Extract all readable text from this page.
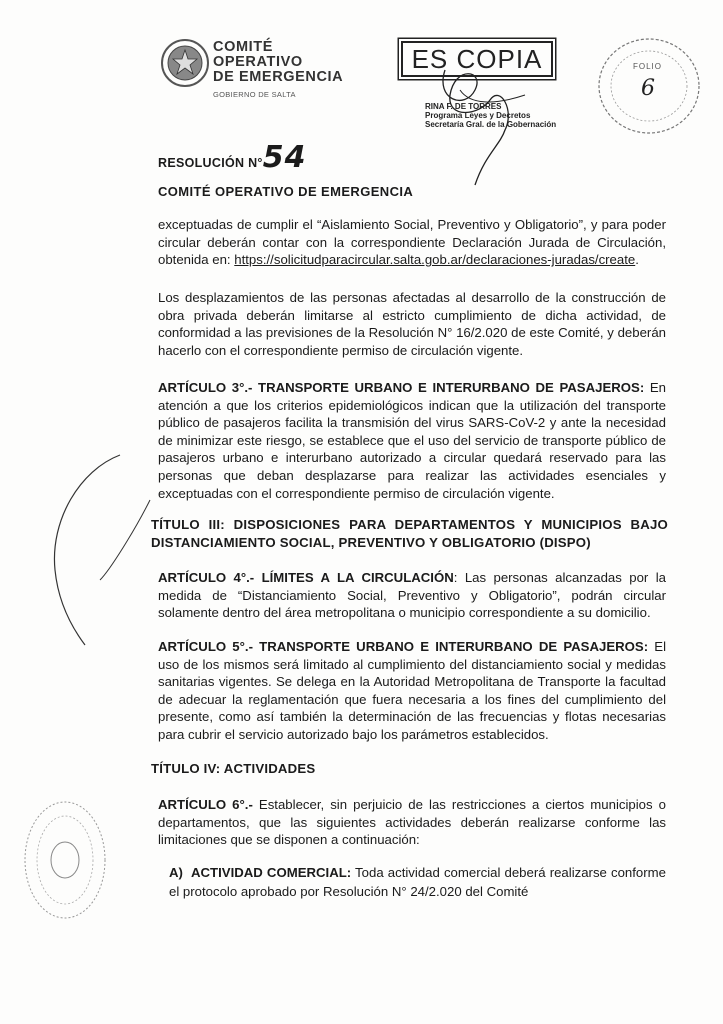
COMITÉ
OPERATIVO
DE EMERGENCIA
GOBIERNO DE SALTA
ES COPIA
RINA F. DE TORRES
Programa Leyes y Decretos
Secretaría Gral. de la Gobernación
FOLIO
6
RESOLUCIÓN N°54
COMITÉ OPERATIVO DE EMERGENCIA
exceptuadas de cumplir el “Aislamiento Social, Preventivo y Obligatorio”, y para poder circular deberán contar con la correspondiente Declaración Jurada de Circulación, obtenida en: https://solicitudparacircular.salta.gob.ar/declaraciones-juradas/create.
Los desplazamientos de las personas afectadas al desarrollo de la construcción de obra privada deberán limitarse al estricto cumplimiento de dicha actividad, de conformidad a las previsiones de la Resolución N° 16/2.020 de este Comité, y deberán hacerlo con el correspondiente permiso de circulación vigente.
ARTÍCULO 3°.- TRANSPORTE URBANO E INTERURBANO DE PASAJEROS: En atención a que los criterios epidemiológicos indican que la utilización del transporte público de pasajeros facilita la transmisión del virus SARS-CoV-2 y ante la necesidad de minimizar este riesgo, se establece que el uso del servicio de transporte público de pasajeros urbano e interurbano autorizado a circular quedará reservado para las personas que deban desplazarse para realizar las actividades esenciales y exceptuadas con el correspondiente permiso de circulación vigente.
TÍTULO III: DISPOSICIONES PARA DEPARTAMENTOS Y MUNICIPIOS BAJO DISTANCIAMIENTO SOCIAL, PREVENTIVO Y OBLIGATORIO (DISPO)
ARTÍCULO 4°.- LÍMITES A LA CIRCULACIÓN: Las personas alcanzadas por la medida de “Distanciamiento Social, Preventivo y Obligatorio”, podrán circular solamente dentro del área metropolitana o municipio correspondiente a su domicilio.
ARTÍCULO 5°.- TRANSPORTE URBANO E INTERURBANO DE PASAJEROS: El uso de los mismos será limitado al cumplimiento del distanciamiento social y medidas sanitarias vigentes. Se delega en la Autoridad Metropolitana de Transporte la facultad de adecuar la reglamentación que fuera necesaria a los fines del cumplimiento del presente, como así también la determinación de las frecuencias y flotas necesarias para cubrir el servicio autorizado bajo los parámetros establecidos.
TÍTULO IV: ACTIVIDADES
ARTÍCULO 6°.- Establecer, sin perjuicio de las restricciones a ciertos municipios o departamentos, que las siguientes actividades deberán realizarse conforme las limitaciones que se disponen a continuación:
A) ACTIVIDAD COMERCIAL: Toda actividad comercial deberá realizarse conforme el protocolo aprobado por Resolución N° 24/2.020 del Comité
